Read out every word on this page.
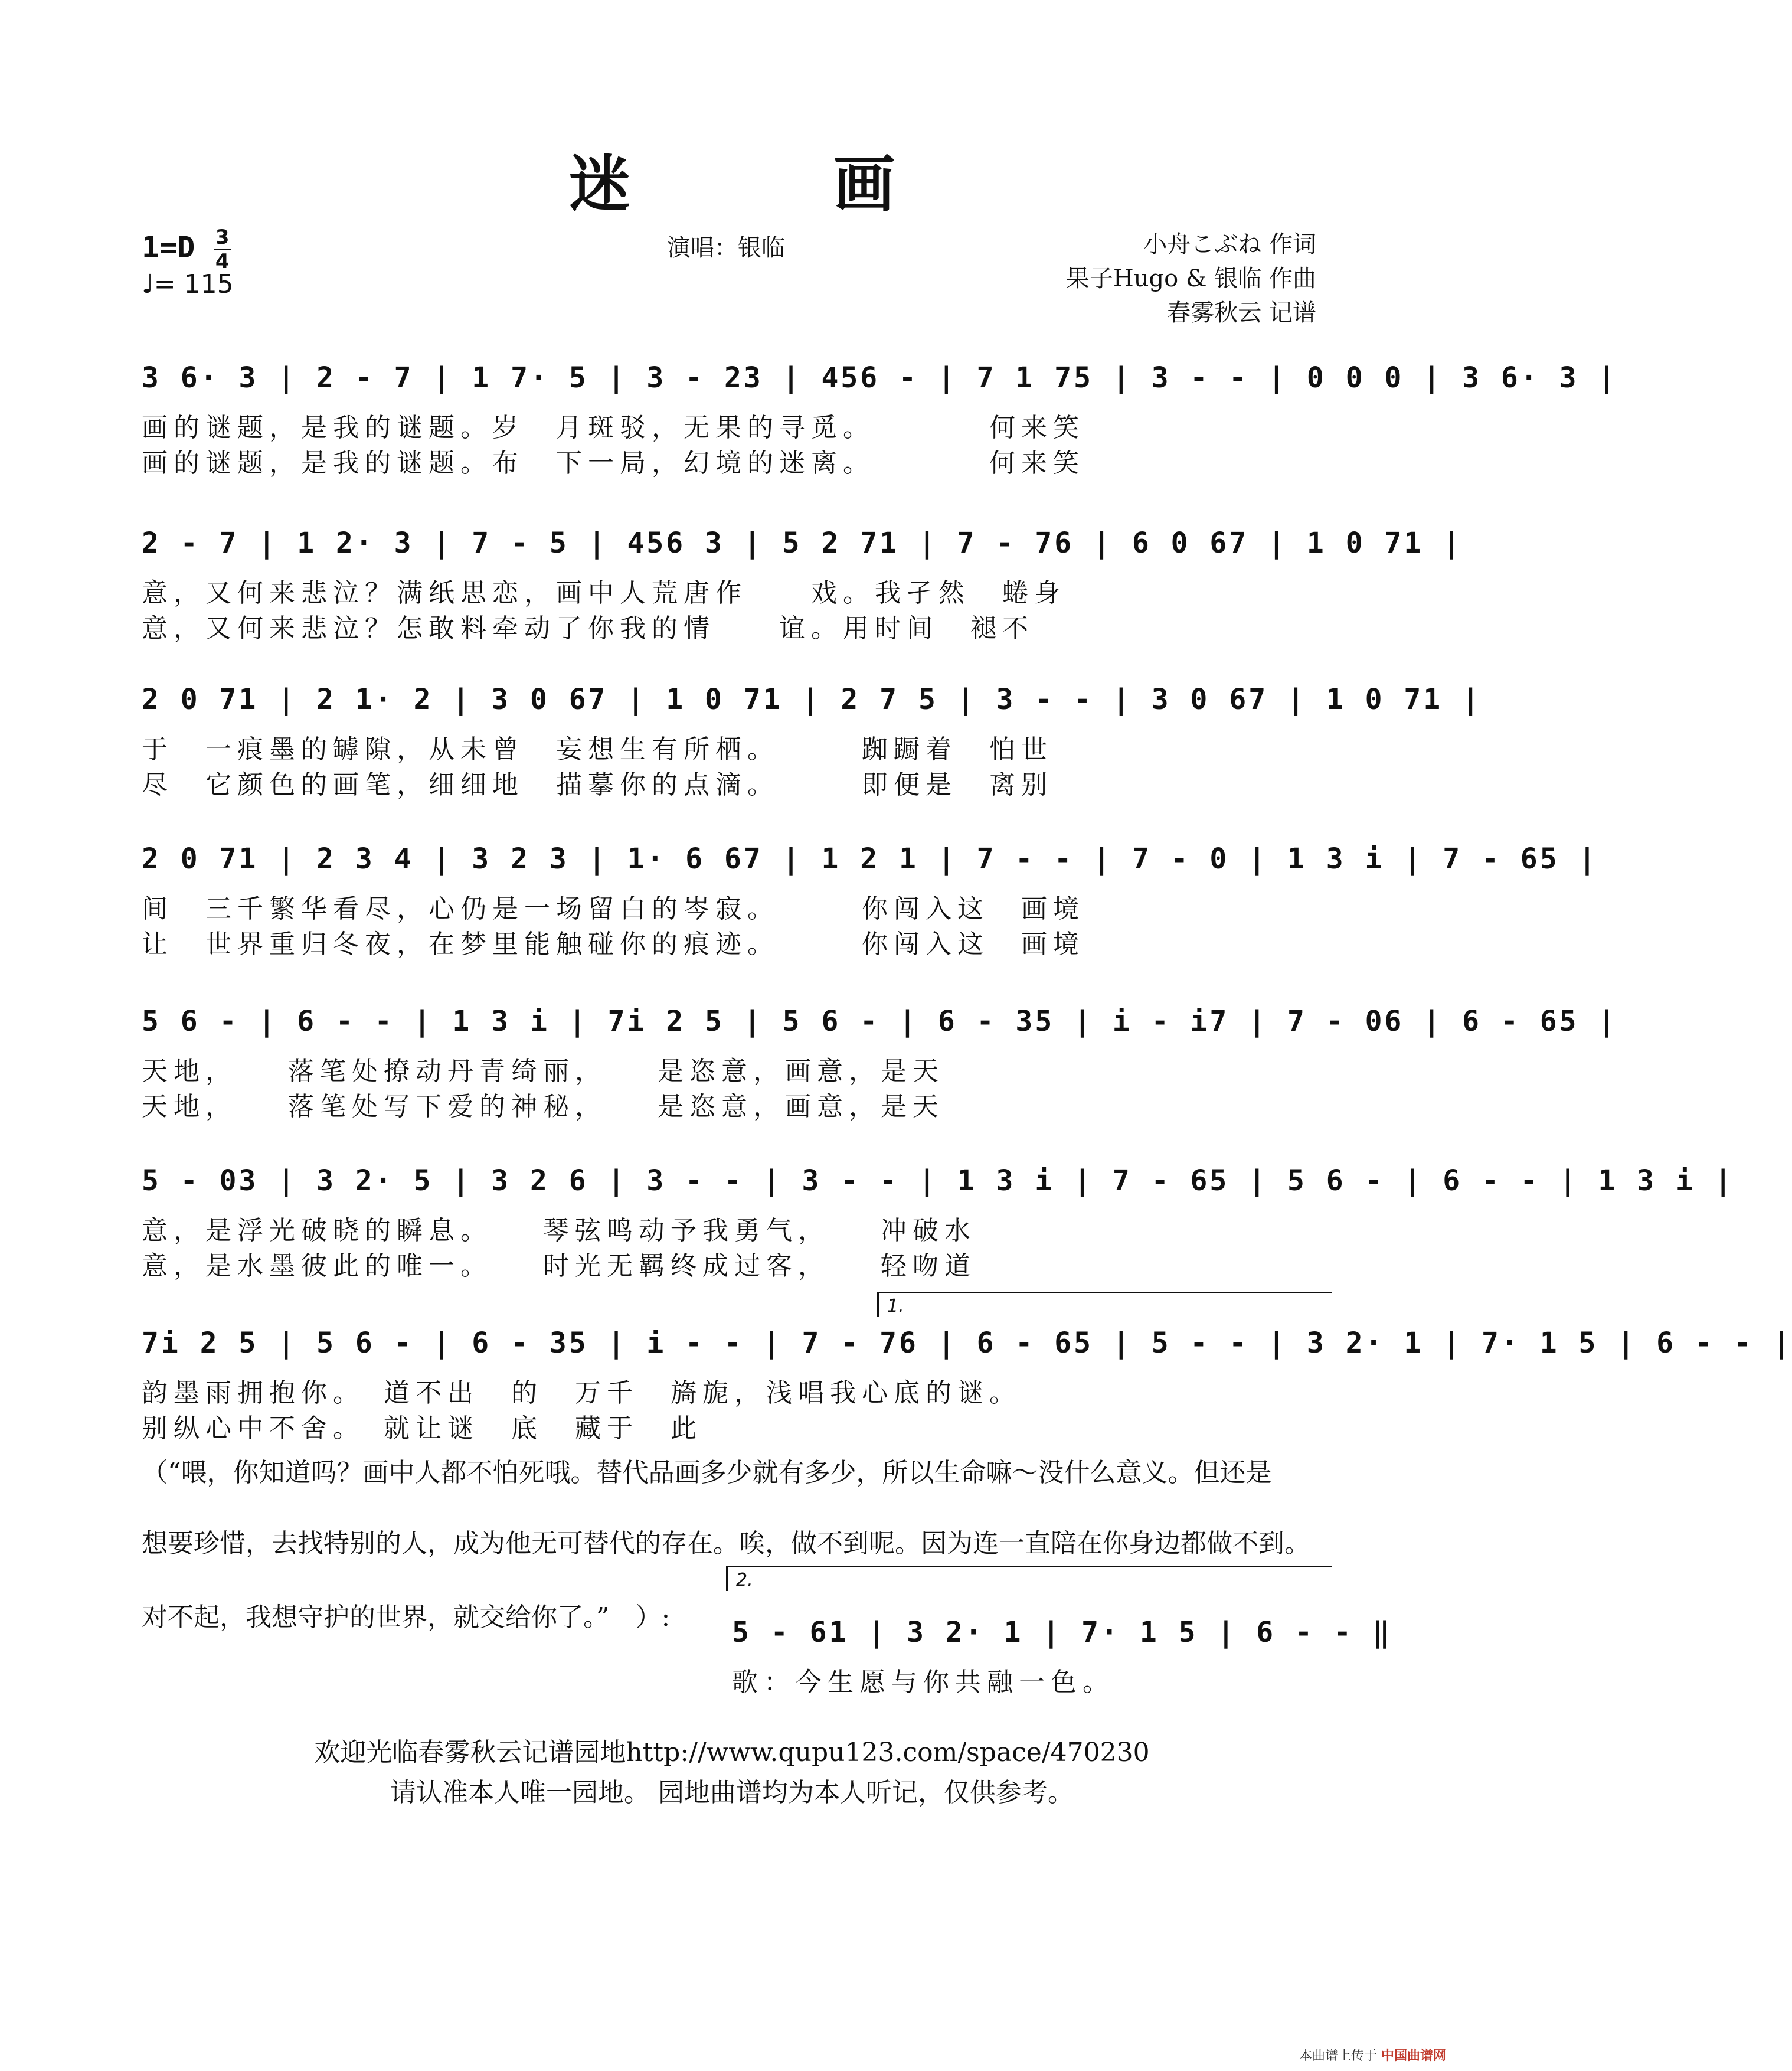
迷　画
$1=D \frac{3}{4}$
♩= 115
演唱：银临	小舟こぶね 作词
果子Hugo & 银临 作曲
春雾秋云 记谱
3 6· 3 | 2 - 7 | 1 7· 5 | 3 - 23 | 456 - | 7 1 75 | 3 - - | 0 0 0 | 3 6· 3 |
画的谜题，是我的谜题。岁　月斑驳，无果的寻觅。　　　　何来笑
画的谜题，是我的谜题。布　下一局，幻境的迷离。　　　　何来笑
2 - 7 | 1 2· 3 | 7 - 5 | 456 3 | 5 2 71 | 7 - 76 | 6 0 67 | 1 0 71 |
意，又何来悲泣？满纸思恋，画中人荒唐作　　戏。我孑然　蜷身
意，又何来悲泣？怎敢料牵动了你我的情　　谊。用时间　褪不
2 0 71 | 2 1· 2 | 3 0 67 | 1 0 71 | 2 7 5 | 3 - - | 3 0 67 | 1 0 71 |
于　一痕墨的罅隙，从未曾　妄想生有所栖。　　　踟蹰着　怕世
尽　它颜色的画笔，细细地　描摹你的点滴。　　　即便是　离别
2 0 71 | 2 3 4 | 3 2 3 | 1· 6 67 | 1 2 1 | 7 - - | 7 - 0 | 1 3 i | 7 - 65 |
间　三千繁华看尽，心仍是一场留白的岑寂。　　　你闯入这　画境
让　世界重归冬夜，在梦里能触碰你的痕迹。　　　你闯入这　画境
5 6 - | 6 - - | 1 3 i | 7i 2 5 | 5 6 - | 6 - 35 | i - i7 | 7 - 06 | 6 - 65 |
天地，　　落笔处撩动丹青绮丽，　　是恣意，画意，是天
天地，　　落笔处写下爱的神秘，　　是恣意，画意，是天
5 - 03 | 3 2· 5 | 3 2 6 | 3 - - | 3 - - | 1 3 i | 7 - 65 | 5 6 - | 6 - - | 1 3 i |
意，是浮光破晓的瞬息。　　琴弦鸣动予我勇气，　　冲破水
意，是水墨彼此的唯一。　　时光无羁终成过客，　　轻吻道
1.
7i 2 5 | 5 6 - | 6 - 35 | i - - | 7 - 76 | 6 - 65 | 5 - - | 3 2· 1 | 7· 1 5 | 6 - - |
韵墨雨拥抱你。　道不出　的　万千　旖旎，浅唱我心底的谜。
别纵心中不舍。　就让谜　底　藏于　此
（“喂，你知道吗？画中人都不怕死哦。替代品画多少就有多少，所以生命嘛～没什么意义。但还是
想要珍惜，去找特别的人，成为他无可替代的存在。唉，做不到呢。因为连一直陪在你身边都做不到。
对不起，我想守护的世界，就交给你了。”　）:
2.
5 - 61 | 3 2· 1 | 7· 1 5 | 6 - - ‖
歌：今生愿与你共融一色。
欢迎光临春雾秋云记谱园地http://www.qupu123.com/space/470230
请认准本人唯一园地。 园地曲谱均为本人听记，仅供参考。
本曲谱上传于 中国曲谱网
